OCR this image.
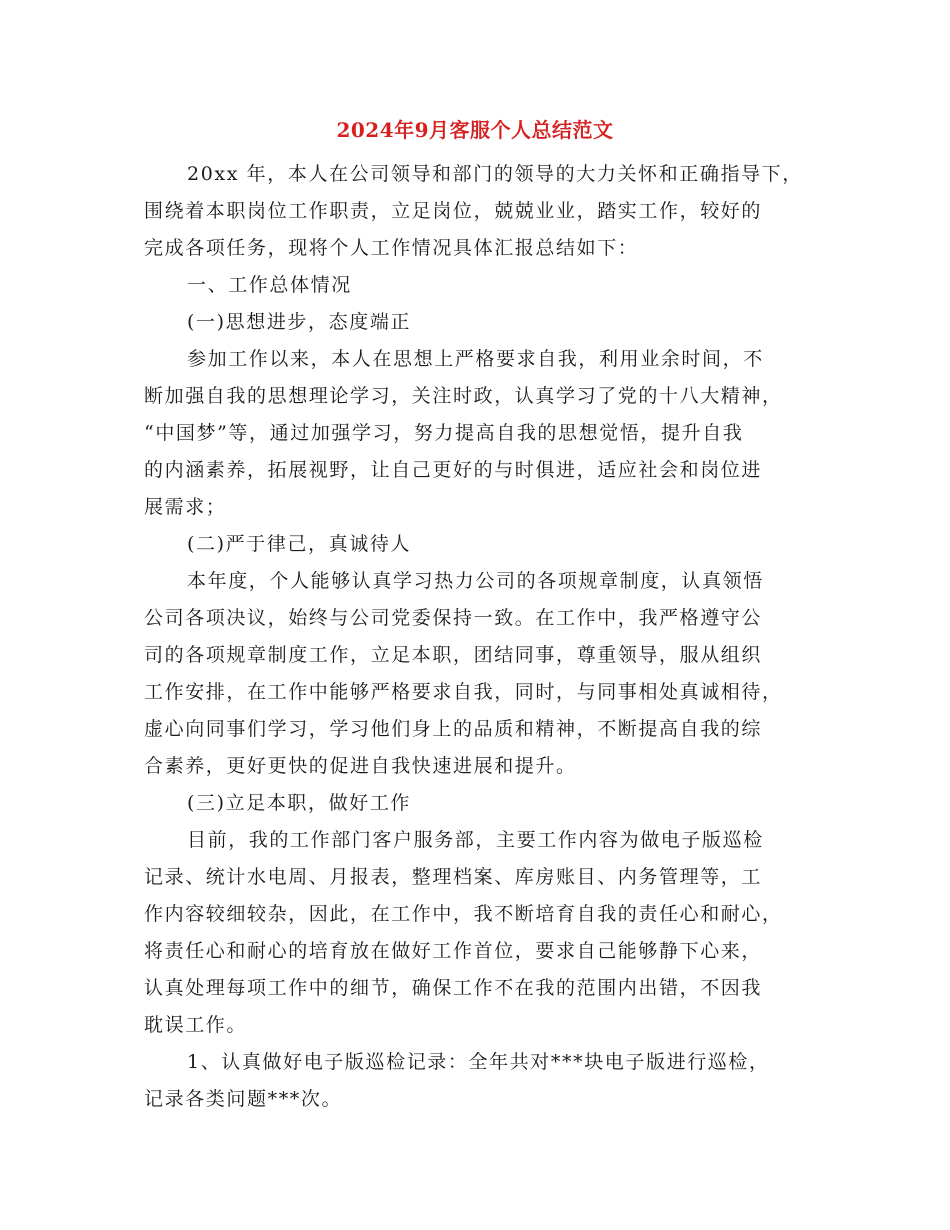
2024年9月客服个人总结范文
20xx 年，本人在公司领导和部门的领导的大力关怀和正确指导下，
围绕着本职岗位工作职责，立足岗位，兢兢业业，踏实工作，较好的
完成各项任务，现将个人工作情况具体汇报总结如下：
一、工作总体情况
(一)思想进步，态度端正
参加工作以来，本人在思想上严格要求自我，利用业余时间，不
断加强自我的思想理论学习，关注时政，认真学习了党的十八大精神，
“中国梦”等，通过加强学习，努力提高自我的思想觉悟，提升自我
的内涵素养，拓展视野，让自己更好的与时俱进，适应社会和岗位进
展需求；
(二)严于律己，真诚待人
本年度，个人能够认真学习热力公司的各项规章制度，认真领悟
公司各项决议，始终与公司党委保持一致。在工作中，我严格遵守公
司的各项规章制度工作，立足本职，团结同事，尊重领导，服从组织
工作安排，在工作中能够严格要求自我，同时，与同事相处真诚相待，
虚心向同事们学习，学习他们身上的品质和精神，不断提高自我的综
合素养，更好更快的促进自我快速进展和提升。
(三)立足本职，做好工作
目前，我的工作部门客户服务部，主要工作内容为做电子版巡检
记录、统计水电周、月报表，整理档案、库房账目、内务管理等，工
作内容较细较杂，因此，在工作中，我不断培育自我的责任心和耐心，
将责任心和耐心的培育放在做好工作首位，要求自己能够静下心来，
认真处理每项工作中的细节，确保工作不在我的范围内出错，不因我
耽误工作。
1、认真做好电子版巡检记录：全年共对***块电子版进行巡检，
记录各类问题***次。
